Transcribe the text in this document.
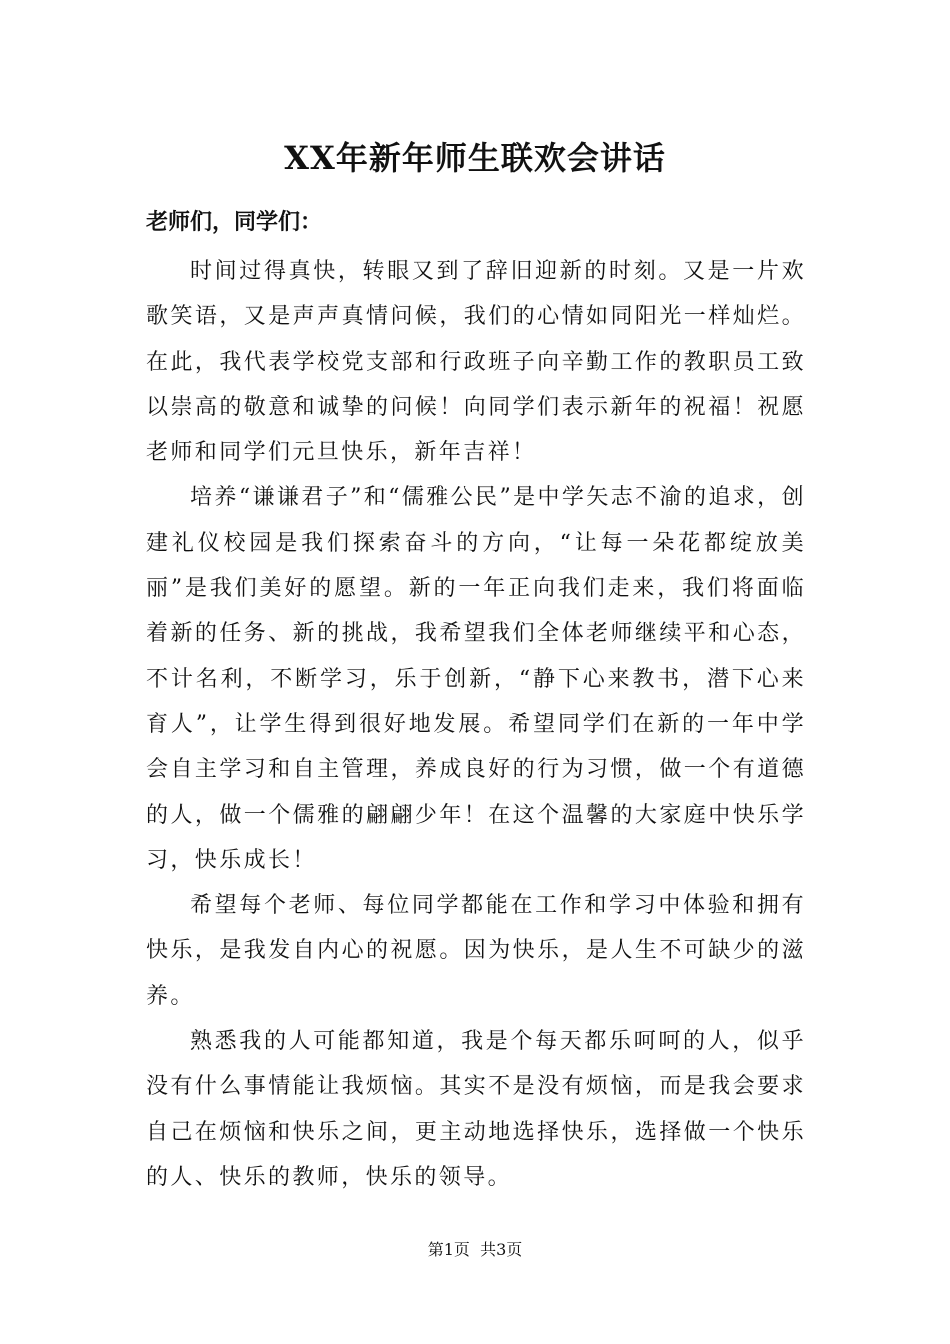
XX年新年师生联欢会讲话
老师们，同学们：

时间过得真快，转眼又到了辞旧迎新的时刻。又是一片欢歌笑语，又是声声真情问候，我们的心情如同阳光一样灿烂。在此，我代表学校党支部和行政班子向辛勤工作的教职员工致以崇高的敬意和诚挚的问候！向同学们表示新年的祝福！祝愿老师和同学们元旦快乐，新年吉祥！

培养“谦谦君子”和“儒雅公民”是中学矢志不渝的追求，创建礼仪校园是我们探索奋斗的方向，“让每一朵花都绽放美丽”是我们美好的愿望。新的一年正向我们走来，我们将面临着新的任务、新的挑战，我希望我们全体老师继续平和心态，不计名利，不断学习，乐于创新，“静下心来教书，潜下心来育人”，让学生得到很好地发展。希望同学们在新的一年中学会自主学习和自主管理，养成良好的行为习惯，做一个有道德的人，做一个儒雅的翩翩少年！在这个温馨的大家庭中快乐学习，快乐成长！

希望每个老师、每位同学都能在工作和学习中体验和拥有快乐，是我发自内心的祝愿。因为快乐，是人生不可缺少的滋养。

熟悉我的人可能都知道，我是个每天都乐呵呵的人，似乎没有什么事情能让我烦恼。其实不是没有烦恼，而是我会要求自己在烦恼和快乐之间，更主动地选择快乐，选择做一个快乐的人、快乐的教师，快乐的领导。

第1页 共3页
